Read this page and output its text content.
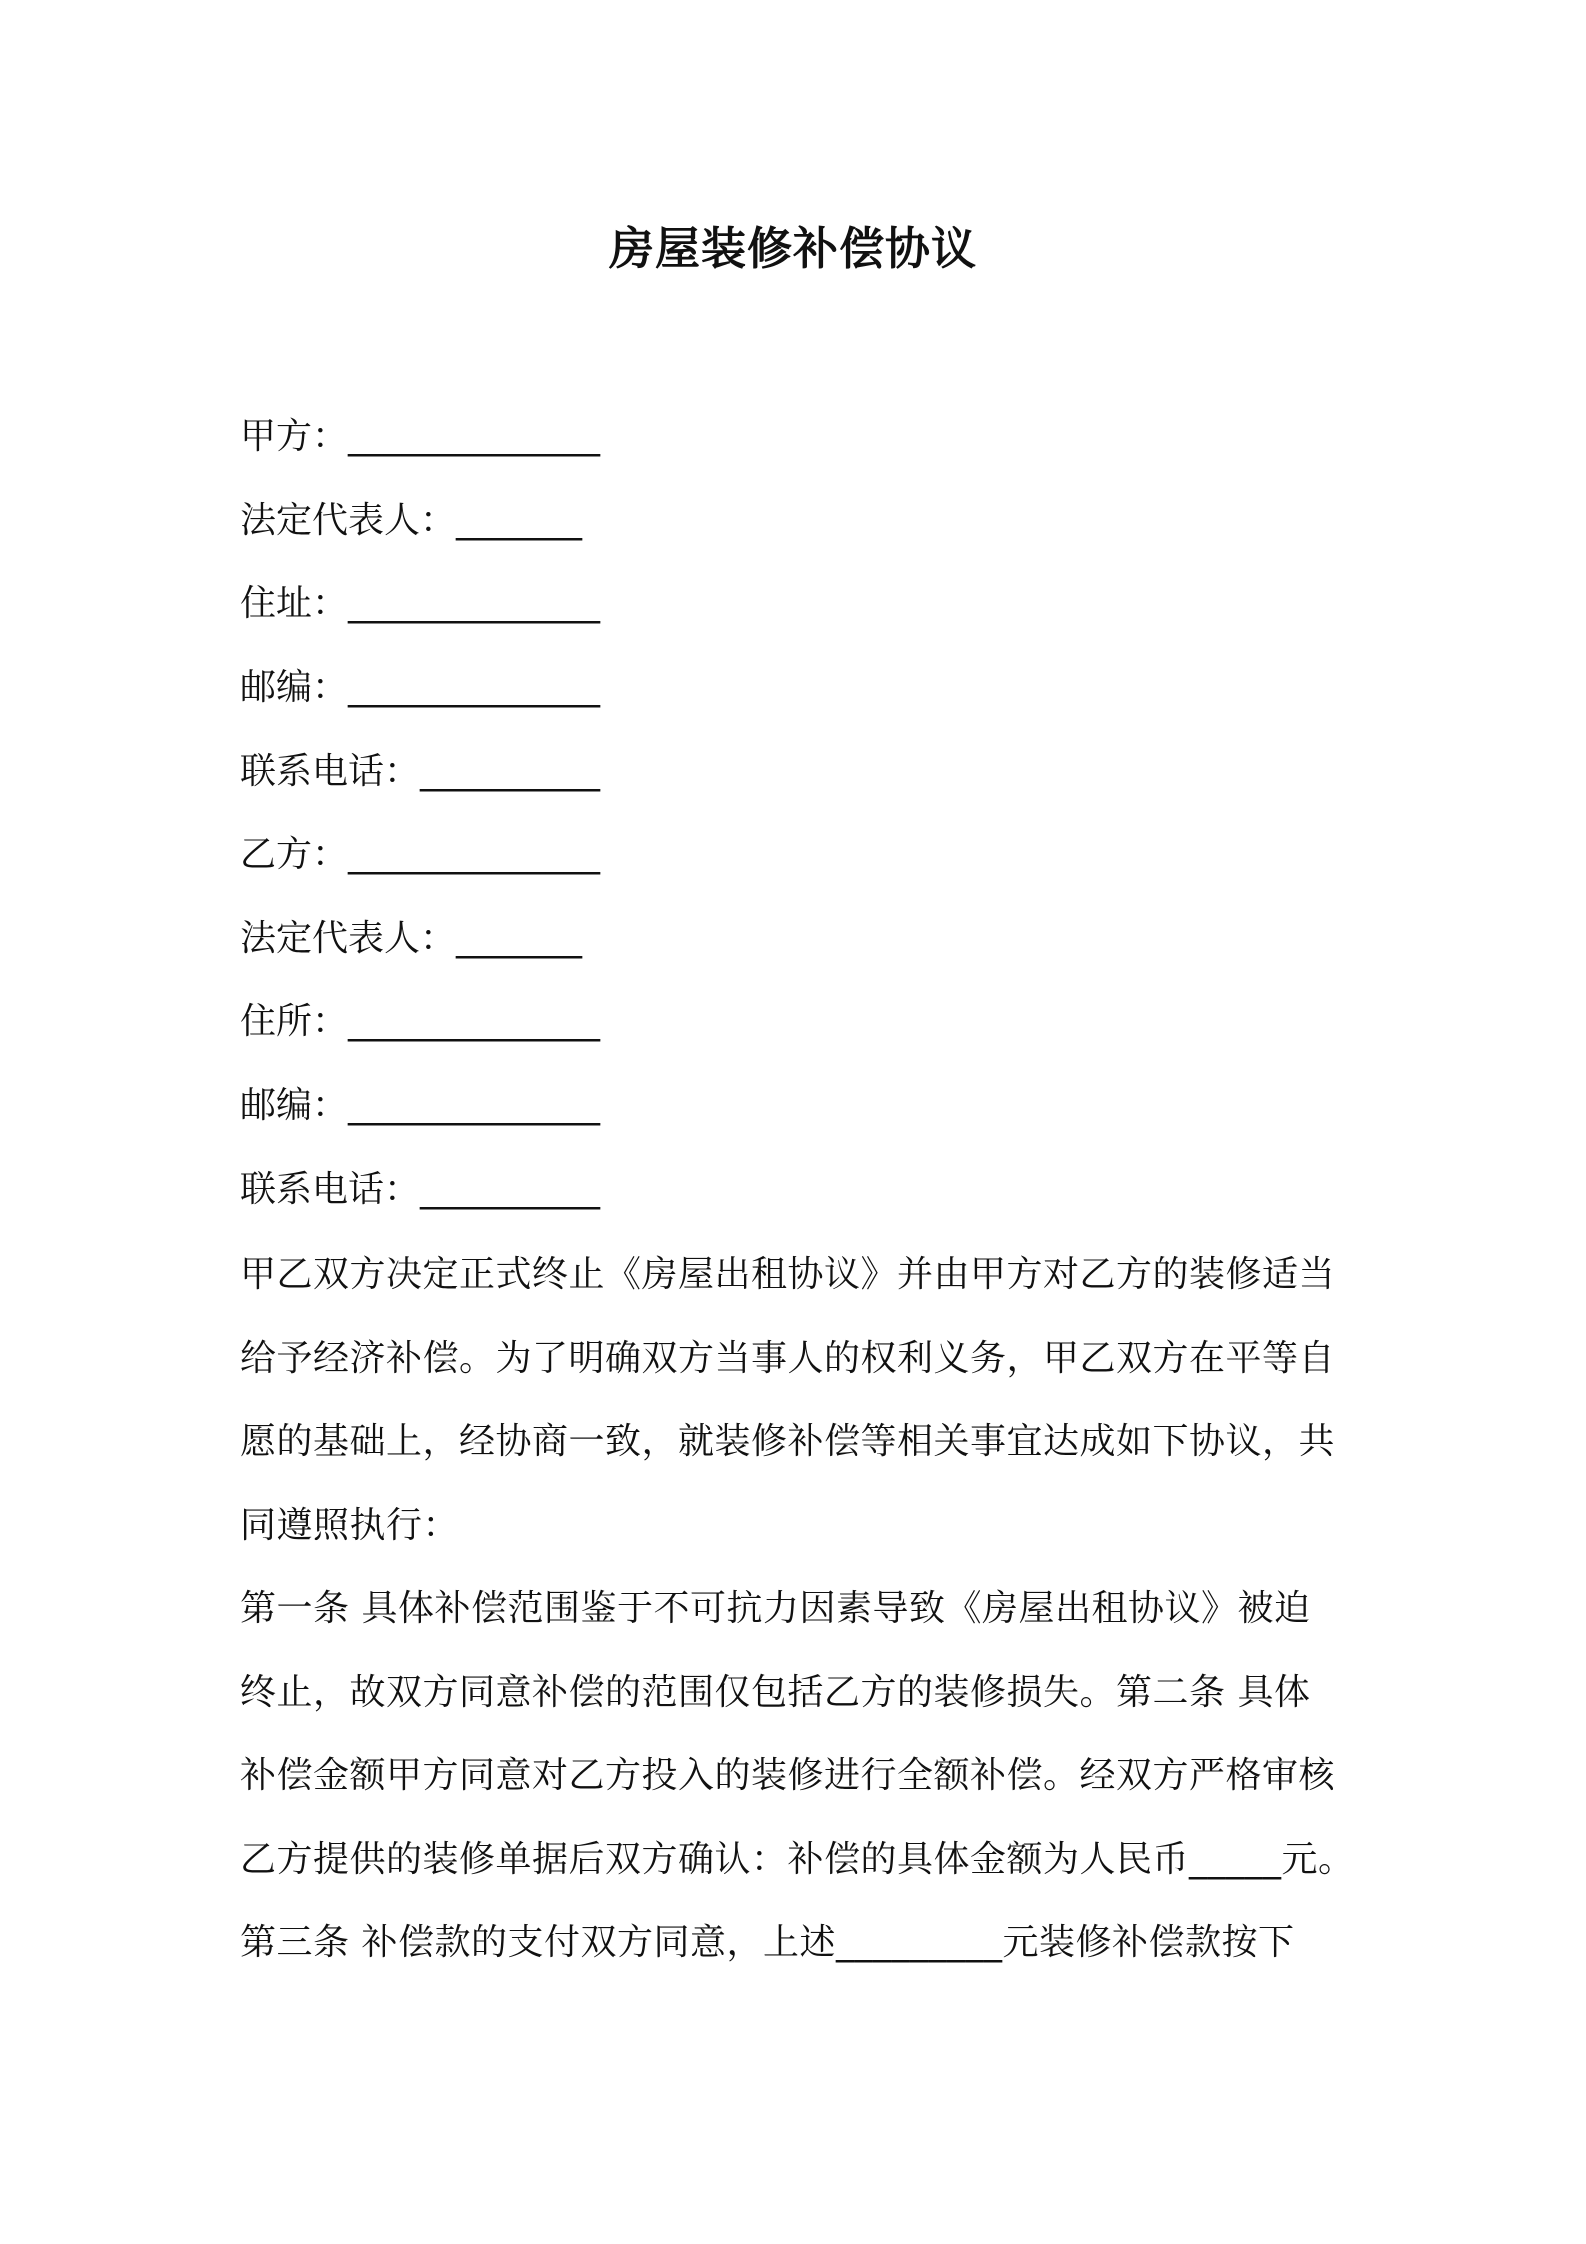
房屋装修补偿协议
甲方：______________
法定代表人：_______
住址：______________
邮编：______________
联系电话：__________
乙方：______________
法定代表人：_______
住所：______________
邮编：______________
联系电话：__________
甲乙双方决定正式终止《房屋出租协议》并由甲方对乙方的装修适当
给予经济补偿。为了明确双方当事人的权利义务，甲乙双方在平等自
愿的基础上，经协商一致，就装修补偿等相关事宜达成如下协议，共
同遵照执行：
第一条 具体补偿范围鉴于不可抗力因素导致《房屋出租协议》被迫
终止，故双方同意补偿的范围仅包括乙方的装修损失。第二条 具体
补偿金额甲方同意对乙方投入的装修进行全额补偿。经双方严格审核
乙方提供的装修单据后双方确认：补偿的具体金额为人民币_____元。
第三条 补偿款的支付双方同意，上述_________元装修补偿款按下
